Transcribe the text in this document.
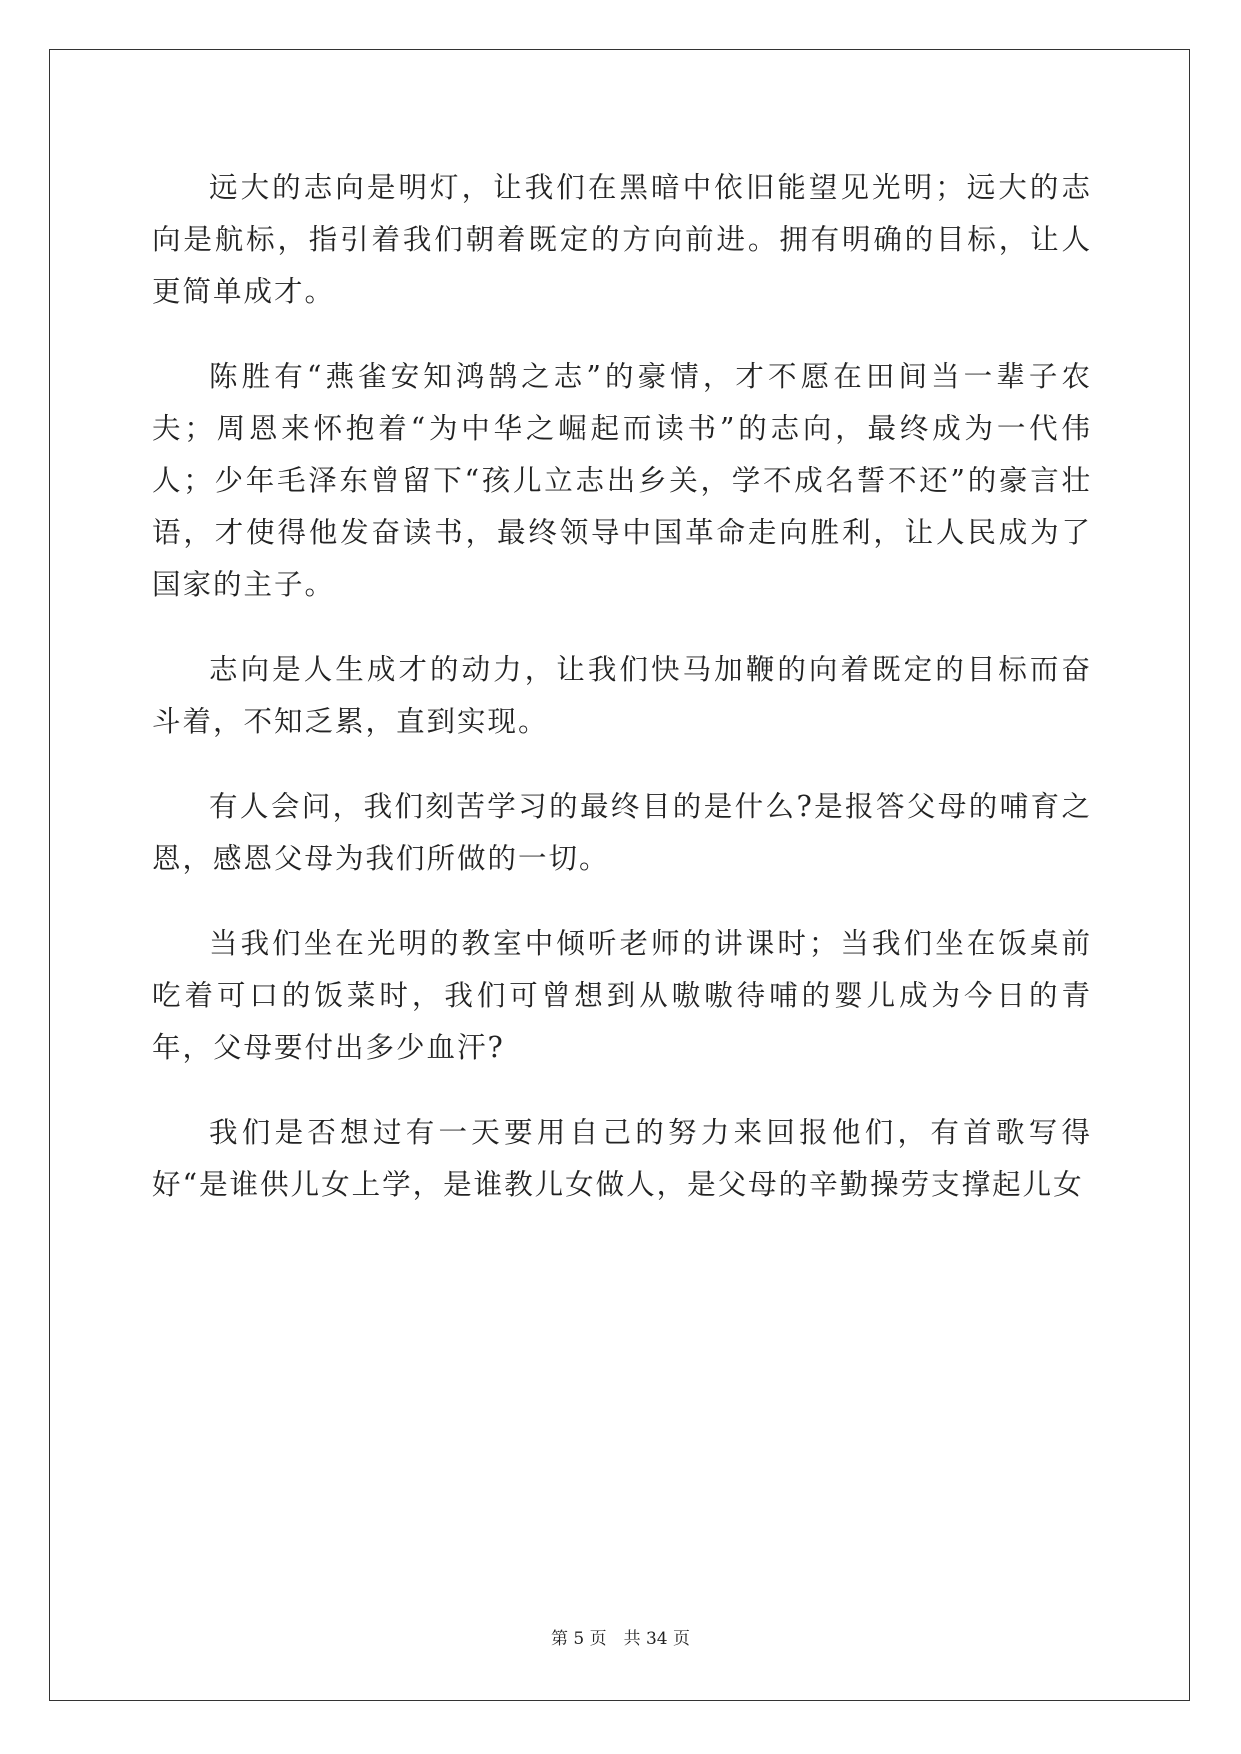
远大的志向是明灯，让我们在黑暗中依旧能望见光明；远大的志向是航标，指引着我们朝着既定的方向前进。拥有明确的目标，让人更简单成才。

陈胜有“燕雀安知鸿鹄之志”的豪情，才不愿在田间当一辈子农夫；周恩来怀抱着“为中华之崛起而读书”的志向，最终成为一代伟人；少年毛泽东曾留下“孩儿立志出乡关，学不成名誓不还”的豪言壮语，才使得他发奋读书，最终领导中国革命走向胜利，让人民成为了国家的主子。

志向是人生成才的动力，让我们快马加鞭的向着既定的目标而奋斗着，不知乏累，直到实现。

有人会问，我们刻苦学习的最终目的是什么?是报答父母的哺育之恩，感恩父母为我们所做的一切。

当我们坐在光明的教室中倾听老师的讲课时；当我们坐在饭桌前吃着可口的饭菜时，我们可曾想到从嗷嗷待哺的婴儿成为今日的青年，父母要付出多少血汗?

我们是否想过有一天要用自己的努力来回报他们，有首歌写得好“是谁供儿女上学，是谁教儿女做人，是父母的辛勤操劳支撑起儿女

第 5 页　共 34 页
